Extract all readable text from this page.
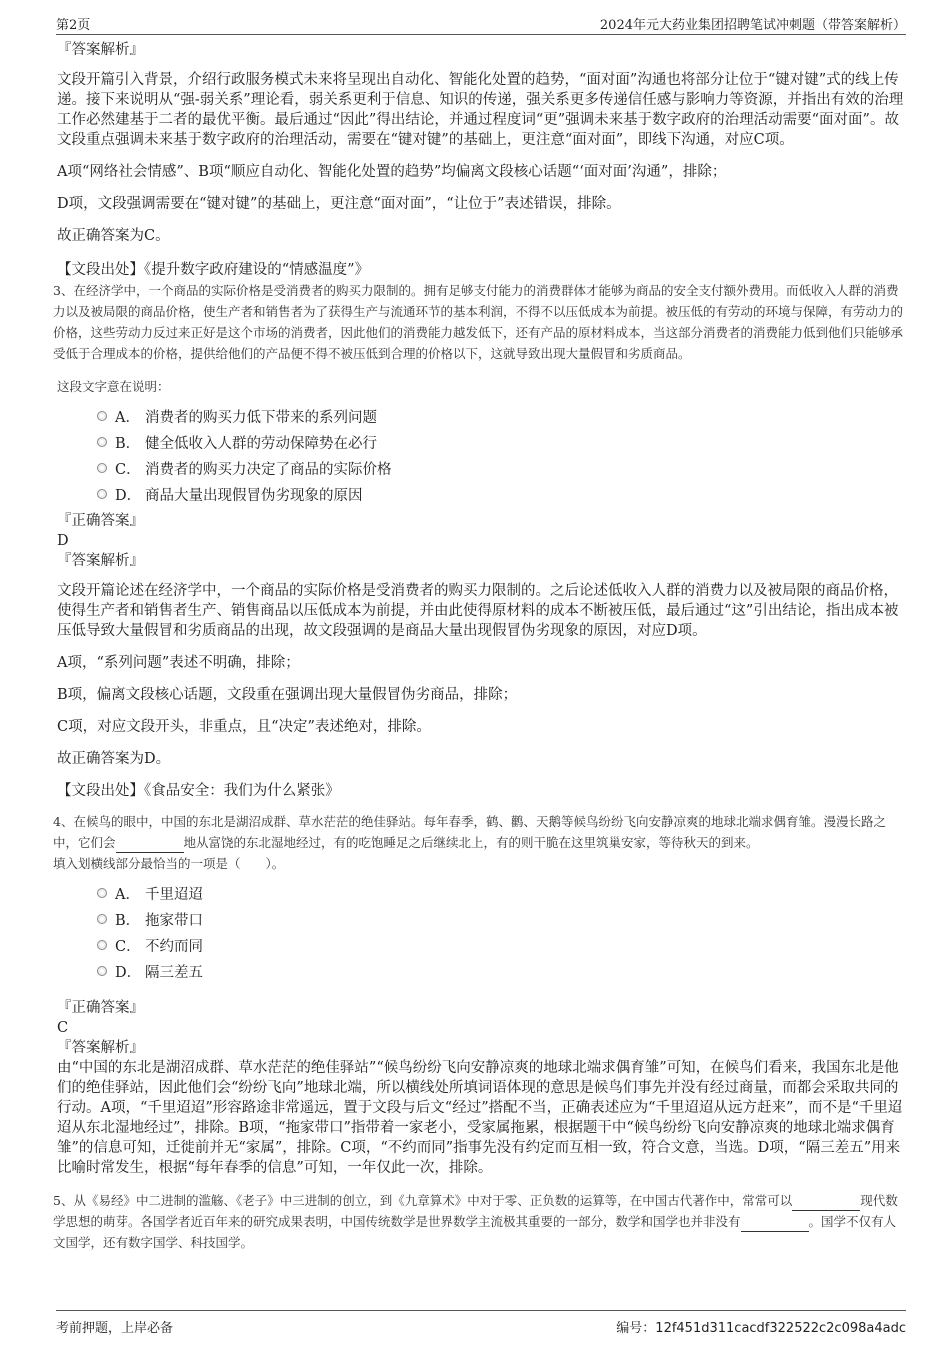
第2页	2024年元大药业集团招聘笔试冲刺题（带答案解析）

『答案解析』

文段开篇引入背景，介绍行政服务模式未来将呈现出自动化、智能化处置的趋势，“面对面”沟通也将部分让位于“键对键”式的线上传递。接下来说明从“强-弱关系”理论看，弱关系更利于信息、知识的传递，强关系更多传递信任感与影响力等资源，并指出有效的治理工作必然建基于二者的最优平衡。最后通过“因此”得出结论，并通过程度词“更”强调未来基于数字政府的治理活动需要“面对面”。故文段重点强调未来基于数字政府的治理活动，需要在“键对键”的基础上，更注意“面对面”，即线下沟通，对应C项。

A项“网络社会情感”、B项“顺应自动化、智能化处置的趋势”均偏离文段核心话题“‘面对面’沟通”，排除；

D项，文段强调需要在“键对键”的基础上，更注意“面对面”，“让位于”表述错误，排除。

故正确答案为C。

【文段出处】《提升数字政府建设的“情感温度”》

3、在经济学中，一个商品的实际价格是受消费者的购买力限制的。拥有足够支付能力的消费群体才能够为商品的安全支付额外费用。而低收入人群的消费力以及被局限的商品价格，使生产者和销售者为了获得生产与流通环节的基本利润，不得不以压低成本为前提。被压低的有劳动的环境与保障，有劳动力的价格，这些劳动力反过来正好是这个市场的消费者，因此他们的消费能力越发低下，还有产品的原材料成本，当这部分消费者的消费能力低到他们只能够承受低于合理成本的价格，提供给他们的产品便不得不被压低到合理的价格以下，这就导致出现大量假冒和劣质商品。

这段文字意在说明：

A． 消费者的购买力低下带来的系列问题
B． 健全低收入人群的劳动保障势在必行
C． 消费者的购买力决定了商品的实际价格
D． 商品大量出现假冒伪劣现象的原因

『正确答案』

D

『答案解析』

文段开篇论述在经济学中，一个商品的实际价格是受消费者的购买力限制的。之后论述低收入人群的消费力以及被局限的商品价格，使得生产者和销售者生产、销售商品以压低成本为前提，并由此使得原材料的成本不断被压低，最后通过“这”引出结论，指出成本被压低导致大量假冒和劣质商品的出现，故文段强调的是商品大量出现假冒伪劣现象的原因，对应D项。

A项，“系列问题”表述不明确，排除；

B项，偏离文段核心话题，文段重在强调出现大量假冒伪劣商品，排除；

C项，对应文段开头，非重点，且“决定”表述绝对，排除。

故正确答案为D。

【文段出处】《食品安全：我们为什么紧张》

4、在候鸟的眼中，中国的东北是湖沼成群、草水茫茫的绝佳驿站。每年春季，鹤、鹳、天鹅等候鸟纷纷飞向安静凉爽的地球北端求偶育雏。漫漫长路之中，它们会	地从富饶的东北湿地经过，有的吃饱睡足之后继续北上，有的则干脆在这里筑巢安家，等待秋天的到来。

填入划横线部分最恰当的一项是（　　）。

A． 千里迢迢
B． 拖家带口
C． 不约而同
D． 隔三差五

『正确答案』

C

『答案解析』

由“中国的东北是湖沼成群、草水茫茫的绝佳驿站”“候鸟纷纷飞向安静凉爽的地球北端求偶育雏”可知，在候鸟们看来，我国东北是他们的绝佳驿站，因此他们会“纷纷飞向”地球北端，所以横线处所填词语体现的意思是候鸟们事先并没有经过商量，而都会采取共同的行动。A项，“千里迢迢”形容路途非常遥远，置于文段与后文“经过”搭配不当，正确表述应为“千里迢迢从远方赶来”，而不是“千里迢迢从东北湿地经过”，排除。B项，“拖家带口”指带着一家老小，受家属拖累，根据题干中“候鸟纷纷飞向安静凉爽的地球北端求偶育雏”的信息可知，迁徙前并无“家属”，排除。C项，“不约而同”指事先没有约定而互相一致，符合文意，当选。D项，“隔三差五”用来比喻时常发生，根据“每年春季的信息”可知，一年仅此一次，排除。

5、从《易经》中二进制的滥觞、《老子》中三进制的创立，到《九章算术》中对于零、正负数的运算等，在中国古代著作中，常常可以	现代数学思想的萌芽。各国学者近百年来的研究成果表明，中国传统数学是世界数学主流极其重要的一部分，数学和国学也并非没有	。国学不仅有人文国学，还有数字国学、科技国学。

考前押题，上岸必备	编号：12f451d311cacdf322522c2c098a4adc
